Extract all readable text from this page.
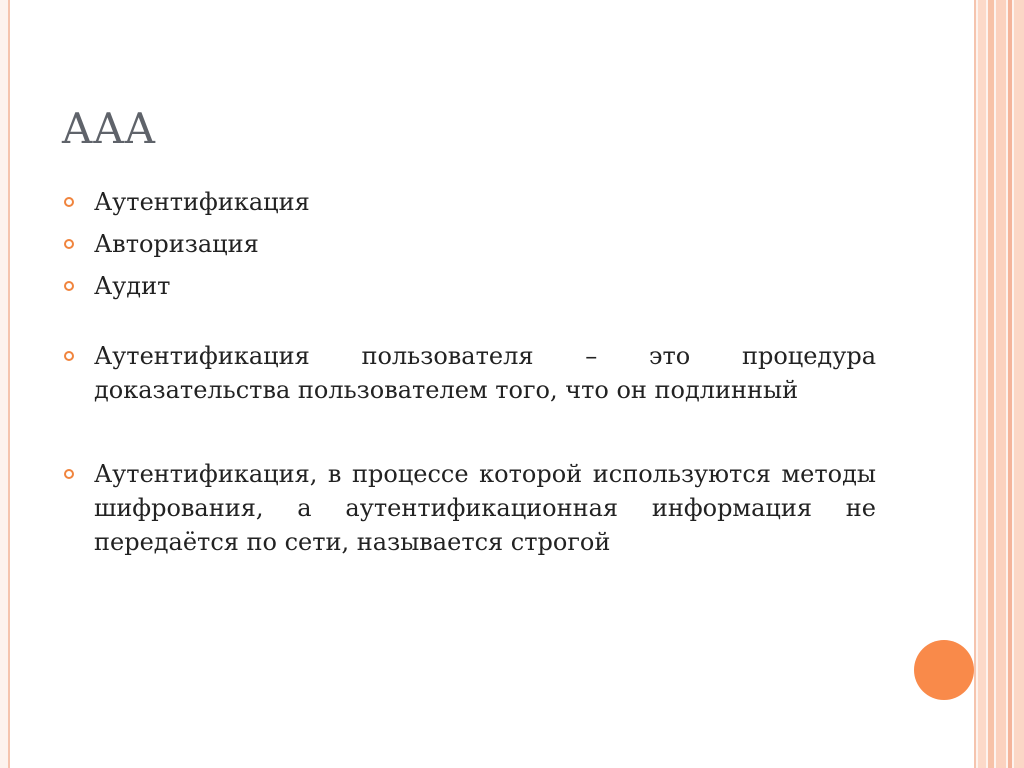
AAA
Аутентификация
Авторизация
Аудит
Аутентификация пользователя – это процедура доказательства пользователем того, что он подлинный
Аутентификация, в процессе которой используются методы шифрования, а аутентификационная информация не передаётся по сети, называется строгой
